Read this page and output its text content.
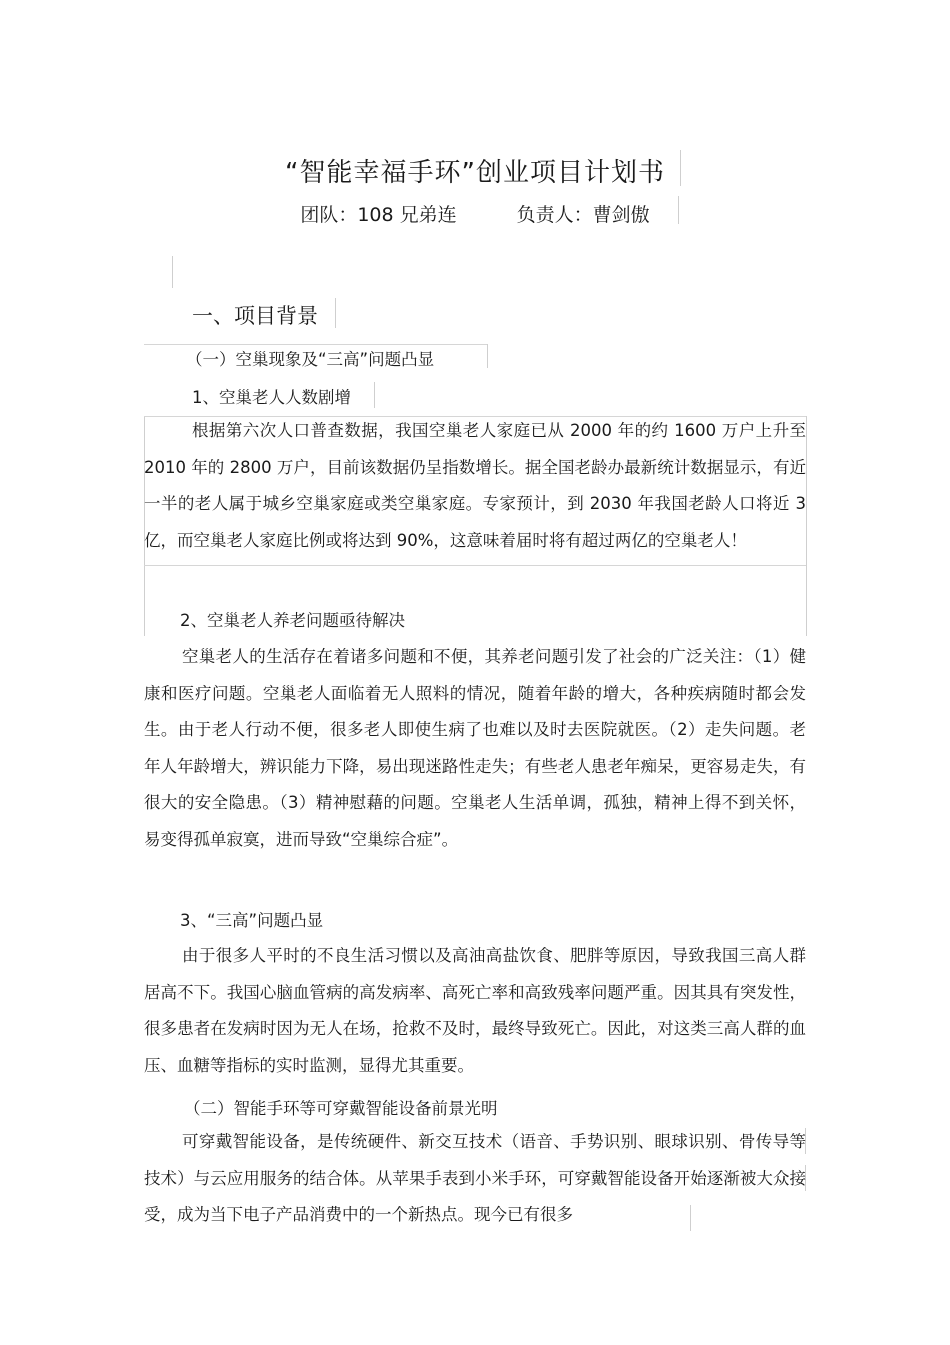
“智能幸福手环”创业项目计划书
团队：108 兄弟连	负责人：曹剑傲
一、项目背景
（一）空巢现象及“三高”问题凸显
1、空巢老人人数剧增

根据第六次人口普查数据，我国空巢老人家庭已从 2000 年的约 1600 万户上升至 2010 年的 2800 万户，目前该数据仍呈指数增长。据全国老龄办最新统计数据显示，有近一半的老人属于城乡空巢家庭或类空巢家庭。专家预计，到 2030 年我国老龄人口将近 3 亿，而空巢老人家庭比例或将达到 90%，这意味着届时将有超过两亿的空巢老人！

2、空巢老人养老问题亟待解决

空巢老人的生活存在着诸多问题和不便，其养老问题引发了社会的广泛关注：（1）健康和医疗问题。空巢老人面临着无人照料的情况，随着年龄的增大，各种疾病随时都会发生。由于老人行动不便，很多老人即使生病了也难以及时去医院就医。（2）走失问题。老年人年龄增大，辨识能力下降，易出现迷路性走失；有些老人患老年痴呆，更容易走失，有很大的安全隐患。（3）精神慰藉的问题。空巢老人生活单调，孤独，精神上得不到关怀，易变得孤单寂寞，进而导致“空巢综合症”。

3、“三高”问题凸显

由于很多人平时的不良生活习惯以及高油高盐饮食、肥胖等原因，导致我国三高人群居高不下。我国心脑血管病的高发病率、高死亡率和高致残率问题严重。因其具有突发性，很多患者在发病时因为无人在场，抢救不及时，最终导致死亡。因此，对这类三高人群的血压、血糖等指标的实时监测，显得尤其重要。

（二）智能手环等可穿戴智能设备前景光明

可穿戴智能设备，是传统硬件、新交互技术（语音、手势识别、眼球识别、骨传导等技术）与云应用服务的结合体。从苹果手表到小米手环，可穿戴智能设备开始逐渐被大众接受，成为当下电子产品消费中的一个新热点。现今已有很多
